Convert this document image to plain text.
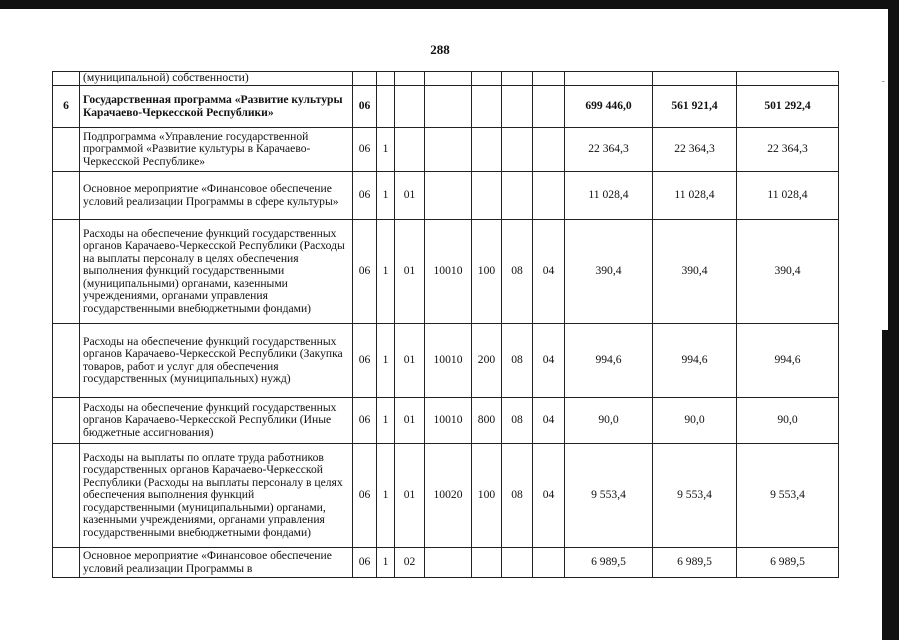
288
-
	(муниципальной) собственности)										
6	Государственная программа «Развитие культуры Карачаево-Черкесской Республики»	06							699 446,0	561 921,4	501 292,4
	Подпрограмма «Управление государственной программой «Развитие культуры в Карачаево-Черкесской Республике»	06	1						22 364,3	22 364,3	22 364,3
	Основное мероприятие «Финансовое обеспечение условий реализации Программы в сфере культуры»	06	1	01					11 028,4	11 028,4	11 028,4
	Расходы на обеспечение функций государственных органов Карачаево-Черкесской Республики (Расходы на выплаты персоналу в целях обеспечения выполнения функций государственными (муниципальными) органами, казенными учреждениями, органами управления государственными внебюджетными фондами)	06	1	01	10010	100	08	04	390,4	390,4	390,4
	Расходы на обеспечение функций государственных органов Карачаево-Черкесской Республики (Закупка товаров, работ и услуг для обеспечения государственных (муниципальных) нужд)	06	1	01	10010	200	08	04	994,6	994,6	994,6
	Расходы на обеспечение функций государственных органов Карачаево-Черкесской Республики (Иные бюджетные ассигнования)	06	1	01	10010	800	08	04	90,0	90,0	90,0
	Расходы на выплаты по оплате труда работников государственных органов Карачаево-Черкесской Республики (Расходы на выплаты персоналу в целях обеспечения выполнения функций государственными (муниципальными) органами, казенными учреждениями, органами управления государственными внебюджетными фондами)	06	1	01	10020	100	08	04	9 553,4	9 553,4	9 553,4
	Основное мероприятие «Финансовое обеспечение условий реализации Программы в	06	1	02					6 989,5	6 989,5	6 989,5
